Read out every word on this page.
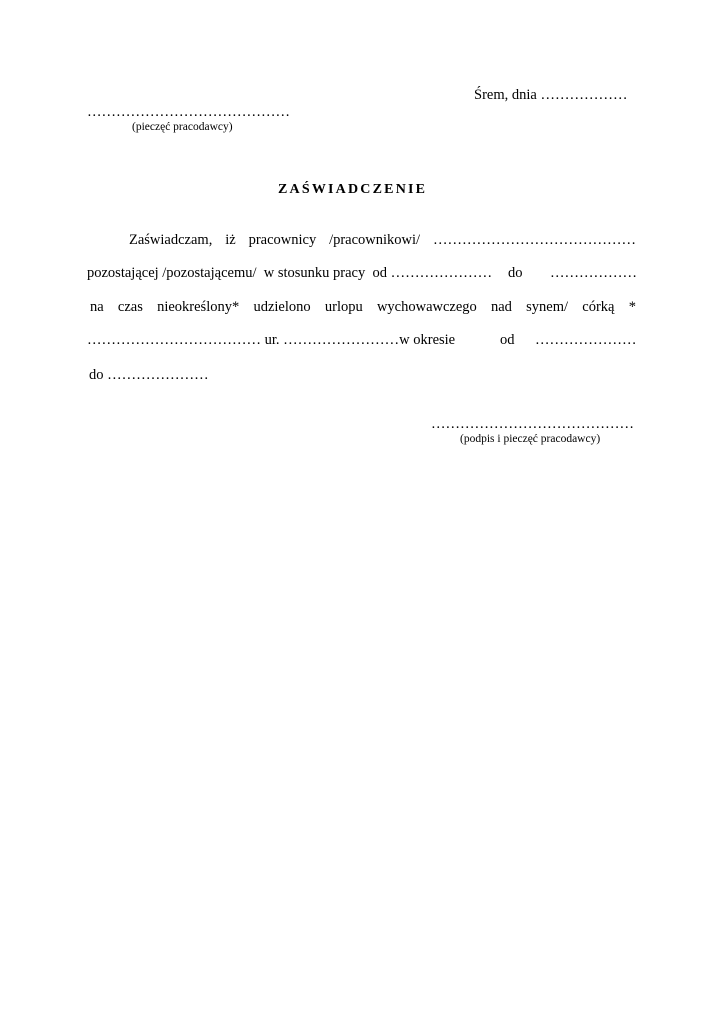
Śrem, dnia ………………
……………………………………
(pieczęć pracodawcy)
ZAŚWIADCZENIE
Zaświadczam, iż pracownicy /pracownikowi/ ……………………………………
pozostającej /pozostającemu/  w stosunku pracy  od ………………… do ………………
na czas nieokreślony* udzielono urlopu wychowawczego nad synem/ córką *
……………………………… ur. ……………………w okresie	od …………………
do …………………
……………………………………
(podpis i pieczęć pracodawcy)
